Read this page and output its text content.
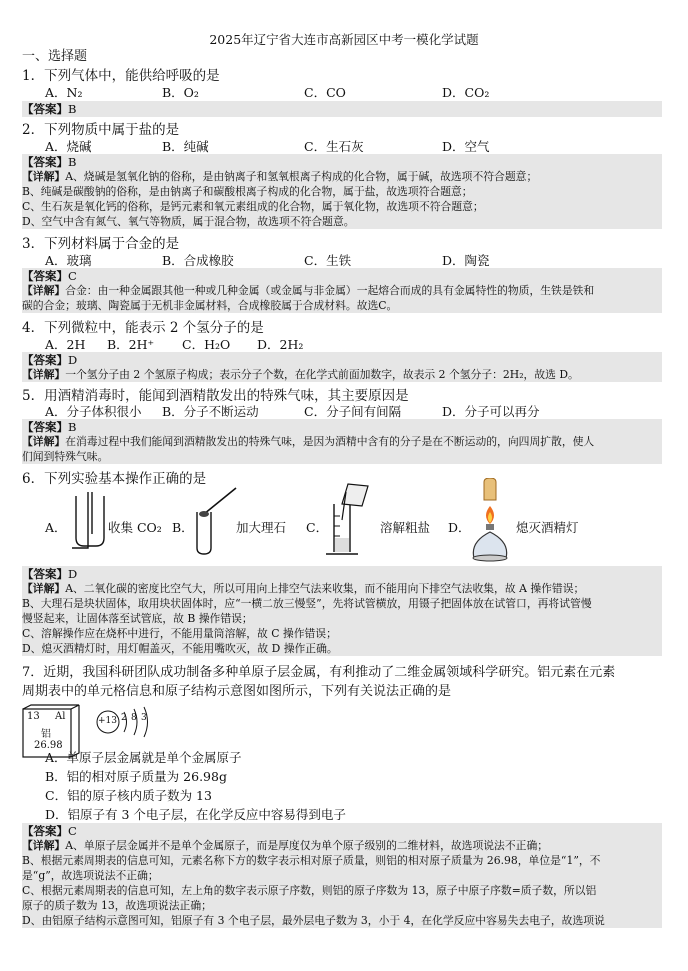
2025年辽宁省大连市高新园区中考一模化学试题
一、选择题
1．下列气体中，能供给呼吸的是
A．N₂	B．O₂	C．CO	D．CO₂
【答案】B
2．下列物质中属于盐的是
A．烧碱	B．纯碱	C．生石灰	D．空气
【答案】B
【详解】A、烧碱是氢氧化钠的俗称，是由钠离子和氢氧根离子构成的化合物，属于碱，故选项不符合题意；
B、纯碱是碳酸钠的俗称，是由钠离子和碳酸根离子构成的化合物，属于盐，故选项符合题意；
C、生石灰是氧化钙的俗称，是钙元素和氧元素组成的化合物，属于氧化物，故选项不符合题意；
D、空气中含有氮气、氧气等物质，属于混合物，故选项不符合题意。
3．下列材料属于合金的是
A．玻璃	B．合成橡胶	C．生铁	D．陶瓷
【答案】C
【详解】合金：由一种金属跟其他一种或几种金属（或金属与非金属）一起熔合而成的具有金属特性的物质，生铁是铁和
碳的合金；玻璃、陶瓷属于无机非金属材料，合成橡胶属于合成材料。故选C。
4．下列微粒中，能表示 2 个氢分子的是
A．2H B．2H⁺ C．H₂O D．2H₂
【答案】D
【详解】一个氢分子由 2 个氢原子构成；表示分子个数，在化学式前面加数字，故表示 2 个氢分子：2H₂，故选 D。
5．用酒精消毒时，能闻到酒精散发出的特殊气味，其主要原因是
A．分子体积很小 B．分子不断运动	C．分子间有间隔	D．分子可以再分
【答案】B
【详解】在消毒过程中我们能闻到酒精散发出的特殊气味，是因为酒精中含有的分子是在不断运动的，向四周扩散，使人
们闻到特殊气味。
6．下列实验基本操作正确的是
A．	收集 CO₂ B．	加大理石 C．	溶解粗盐 D．	熄灭酒精灯
【答案】D
【详解】A、二氧化碳的密度比空气大，所以可用向上排空气法来收集，而不能用向下排空气法收集，故 A 操作错误；
B、大理石是块状固体，取用块状固体时，应“一横二放三慢竖”，先将试管横放，用镊子把固体放在试管口，再将试管慢
慢竖起来，让固体落至试管底，故 B 操作错误；
C、溶解操作应在烧杯中进行，不能用量筒溶解，故 C 操作错误；
D、熄灭酒精灯时，用灯帽盖灭，不能用嘴吹灭，故 D 操作正确。
7．近期，我国科研团队成功制备多种单原子层金属，有利推动了二维金属领域科学研究。铝元素在元素
周期表中的单元格信息和原子结构示意图如图所示，下列有关说法正确的是
13 Al
铝
26.98
+13 2 8 3
A．单原子层金属就是单个金属原子
B．铝的相对原子质量为 26.98g
C．铝的原子核内质子数为 13
D．铝原子有 3 个电子层，在化学反应中容易得到电子
【答案】C
【详解】A、单原子层金属并不是单个金属原子，而是厚度仅为单个原子级别的二维材料，故选项说法不正确；
B、根据元素周期表的信息可知，元素名称下方的数字表示相对原子质量，则铝的相对原子质量为 26.98，单位是“1”，不
是“g”，故选项说法不正确；
C、根据元素周期表的信息可知，左上角的数字表示原子序数，则铝的原子序数为 13，原子中原子序数=质子数，所以铝
原子的质子数为 13，故选项说法正确；
D、由铝原子结构示意图可知，铝原子有 3 个电子层，最外层电子数为 3，小于 4，在化学反应中容易失去电子，故选项说
